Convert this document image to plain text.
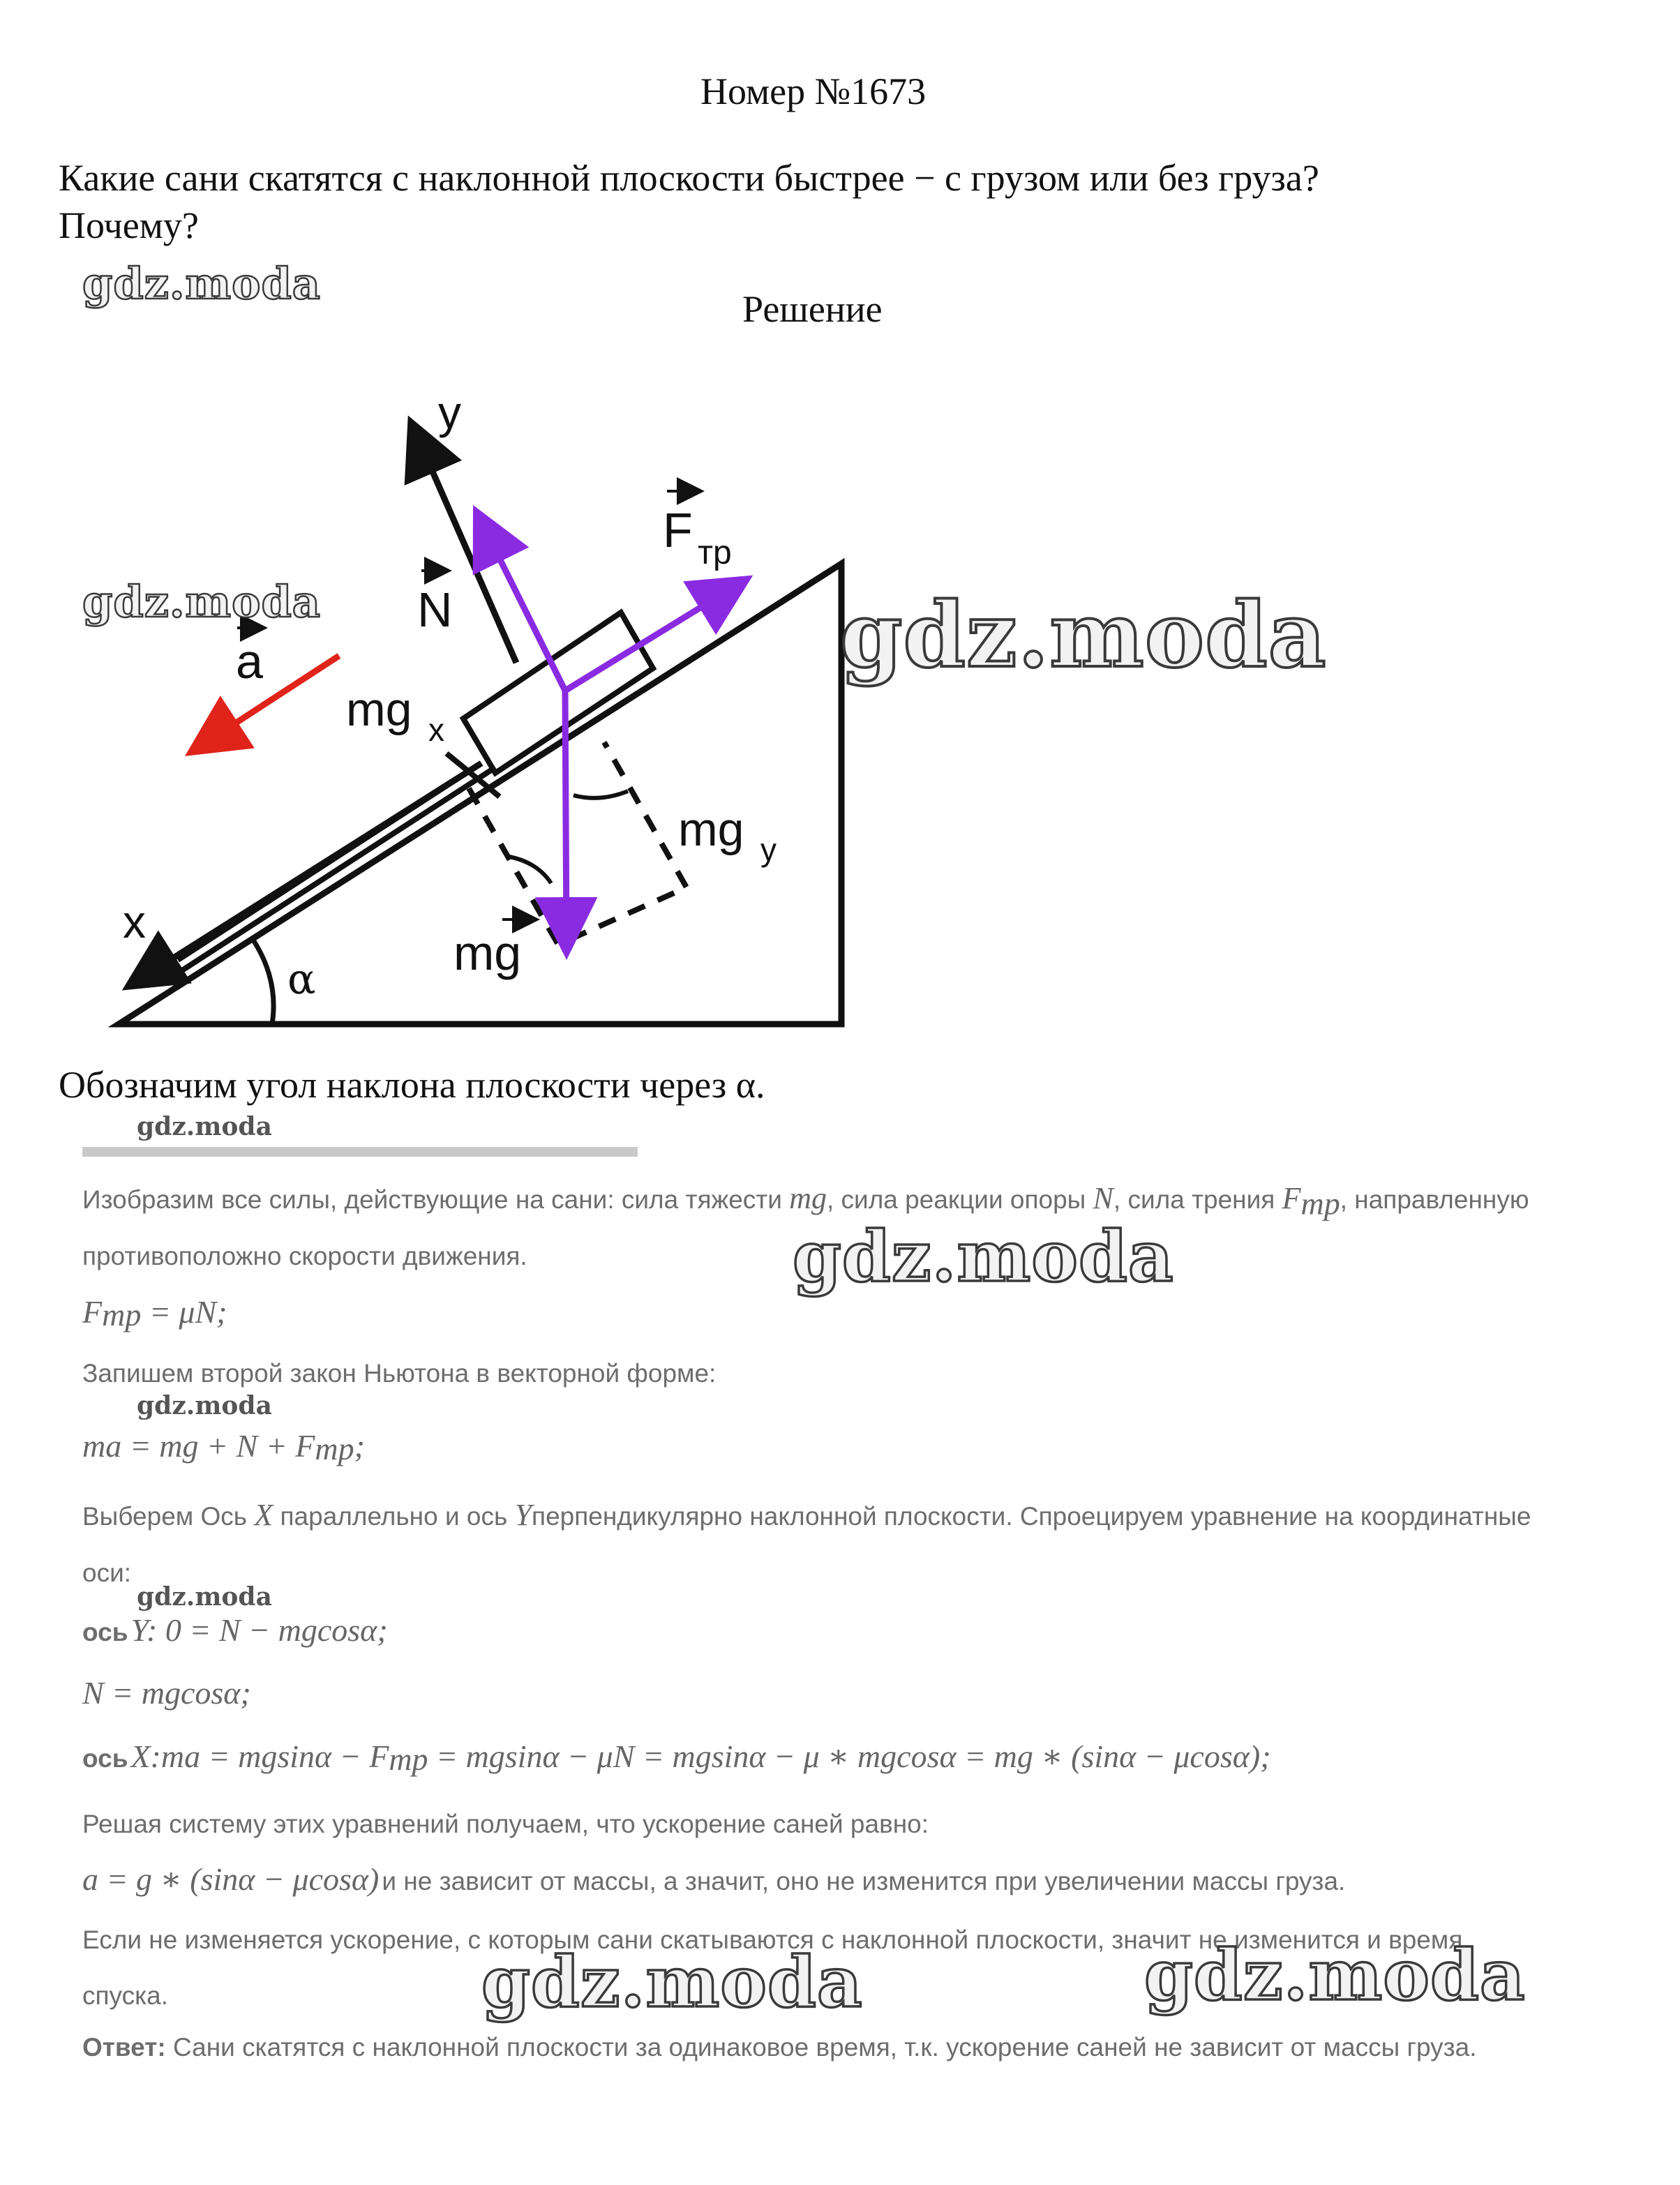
Номер №1673
Какие сани скатятся с наклонной плоскости быстрее − с грузом или без груза?
Почему?
gdz.moda	Решение
y
x
N
F тр
a
mg x
mg y
mg
α
gdz.moda	gdz.moda
Обозначим угол наклона плоскости через α.
gdz.moda
Изобразим все силы, действующие на сани: сила тяжести mg, сила реакции опоры N, сила трения $F_{тр}$, направленную
противоположно скорости движения.	gdz.moda
$F_{тр} = \mu N$;
Запишем второй закон Ньютона в векторной форме:
gdz.moda
ma = mg + $N + F_{тр}$;
Выберем Ось X параллельно и ось Yперпендикулярно наклонной плоскости. Спроецируем уравнение на координатные
оси:
gdz.moda
ось Y: 0 = N − mgcosα;
N = mgcosα;
ось X:ma = $mgsin\alpha - F_{тр} = mgsin\alpha - \mu N = mgsin\alpha - \mu$ ∗ mgcosα = mg ∗ (sinα − μcosα);
Решая систему этих уравнений получаем, что ускорение саней равно:
a = g ∗ (sinα − μcosα) и не зависит от массы, а значит, оно не изменится при увеличении массы груза.
Если не изменяется ускорение, с которым сани скатываются с наклонной плоскости, значит не изменится и время
спуска.	gdz.moda	gdz.moda
Ответ: Сани скатятся с наклонной плоскости за одинаковое время, т.к. ускорение саней не зависит от массы груза.
